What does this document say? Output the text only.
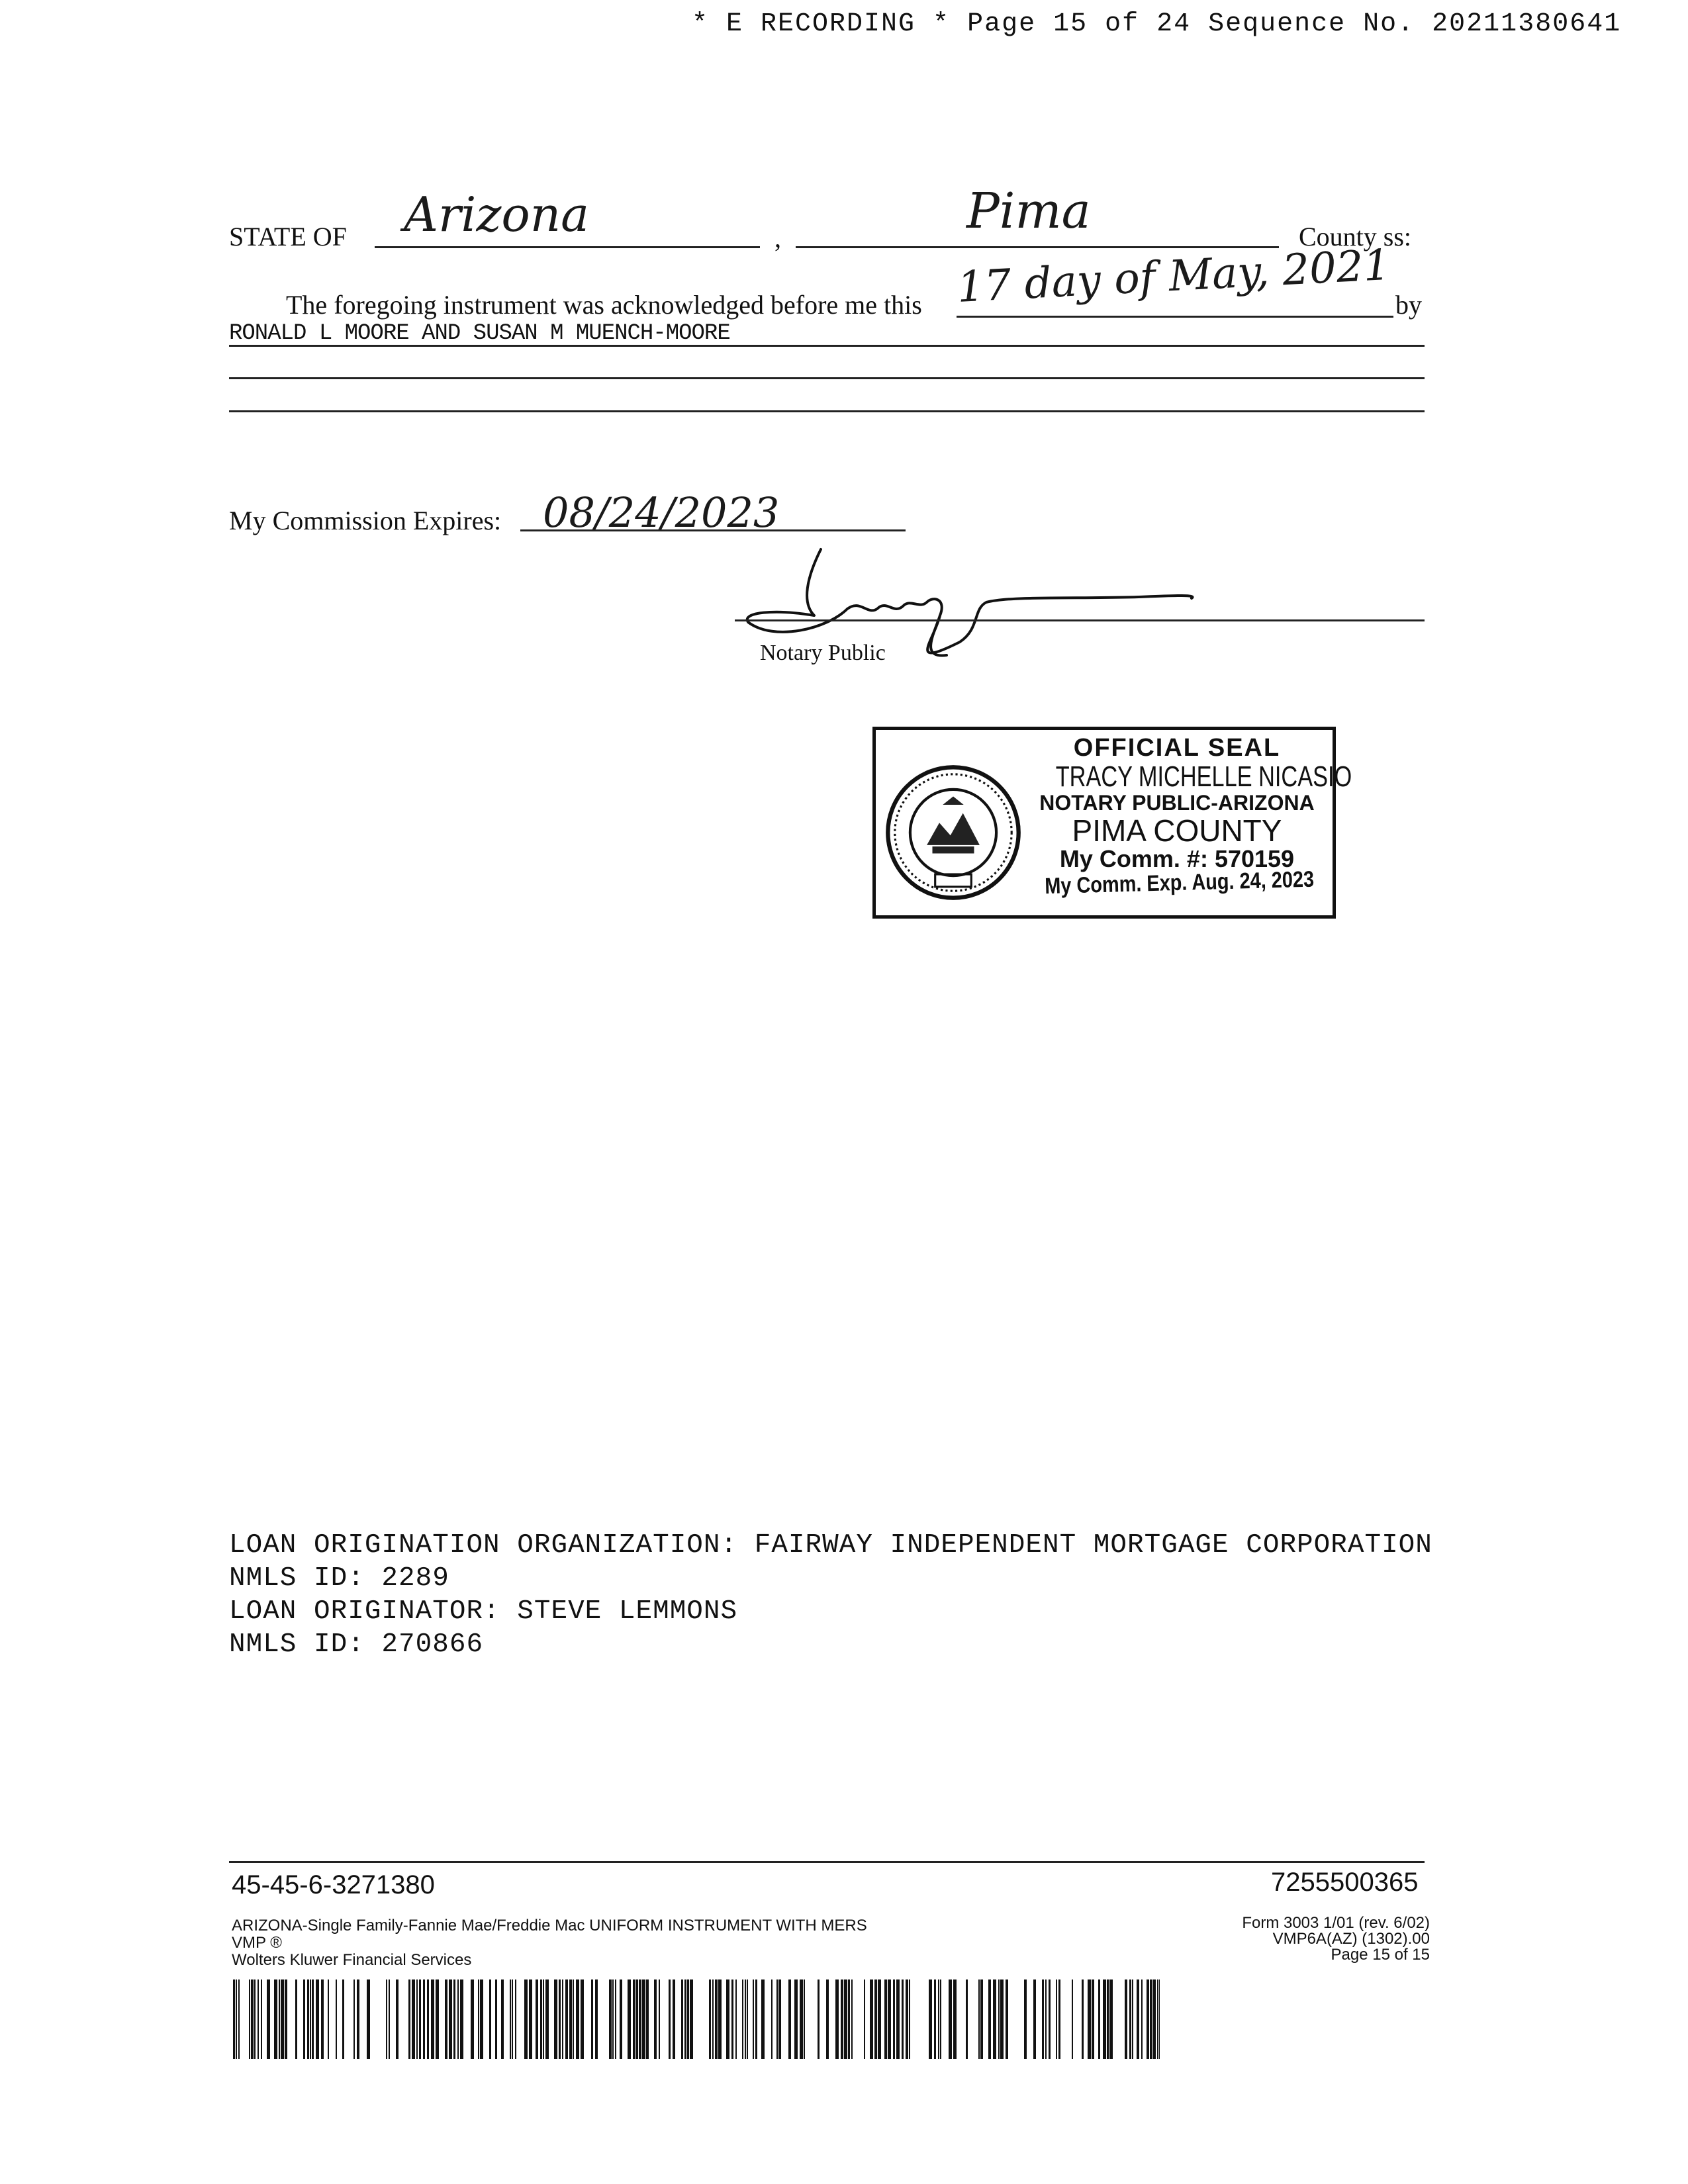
* E RECORDING * Page 15 of 24 Sequence No. 20211380641
STATE OF Arizona	,	Pima	County ss:
The foregoing instrument was acknowledged before me this 17 day of May, 2021 by
RONALD L MOORE AND SUSAN M MUENCH-MOORE
My Commission Expires: 08/24/2023
Notary Public
OFFICIAL SEAL
TRACY MICHELLE NICASIO
NOTARY PUBLIC-ARIZONA
PIMA COUNTY
My Comm. #: 570159
My Comm. Exp. Aug. 24, 2023
LOAN ORIGINATION ORGANIZATION: FAIRWAY INDEPENDENT MORTGAGE CORPORATION
NMLS ID: 2289
LOAN ORIGINATOR: STEVE LEMMONS
NMLS ID: 270866
45-45-6-3271380	7255500365
ARIZONA-Single Family-Fannie Mae/Freddie Mac UNIFORM INSTRUMENT WITH MERS
VMP ®
Wolters Kluwer Financial Services
Form 3003 1/01 (rev. 6/02)
VMP6A(AZ) (1302).00
Page 15 of 15
